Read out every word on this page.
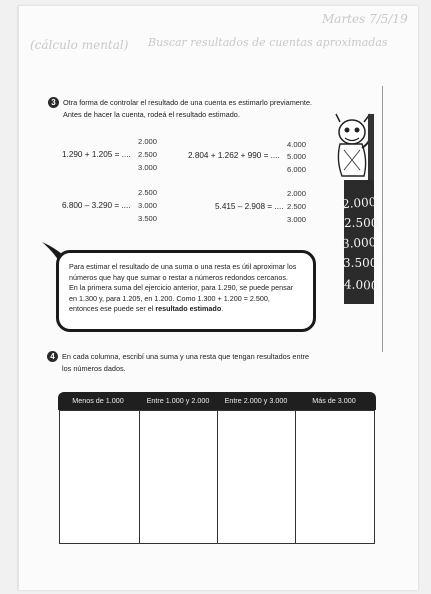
Martes 7/5/19
(cálculo mental) Buscar resultados de cuentas aproximadas
3 Otra forma de controlar el resultado de una cuenta es estimarlo previamente.
Antes de hacer la cuenta, rodeá el resultado estimado.
1.290 + 1.205 = ....
2.000
2.500
3.000
2.804 + 1.262 + 990 = ....
4.000
5.000
6.000
6.800 – 3.290 = ....
2.500
3.000
3.500
5.415 – 2.908 = ....
2.000
2.500
3.000
Para estimar el resultado de una suma o una resta es útil aproximar los
números que hay que sumar o restar a números redondos cercanos.
En la primera suma del ejercicio anterior, para 1.290, se puede pensar
en 1.300 y, para 1.205, en 1.200. Como 1.300 + 1.200 = 2.500,
entonces ese puede ser el resultado estimado.
2.000
2.500
3.000
3.500
4.000
4 En cada columna, escribí una suma y una resta que tengan resultados entre
los números dados.
Menos de 1.000	Entre 1.000 y 2.000	Entre 2.000 y 3.000	Más de 3.000
